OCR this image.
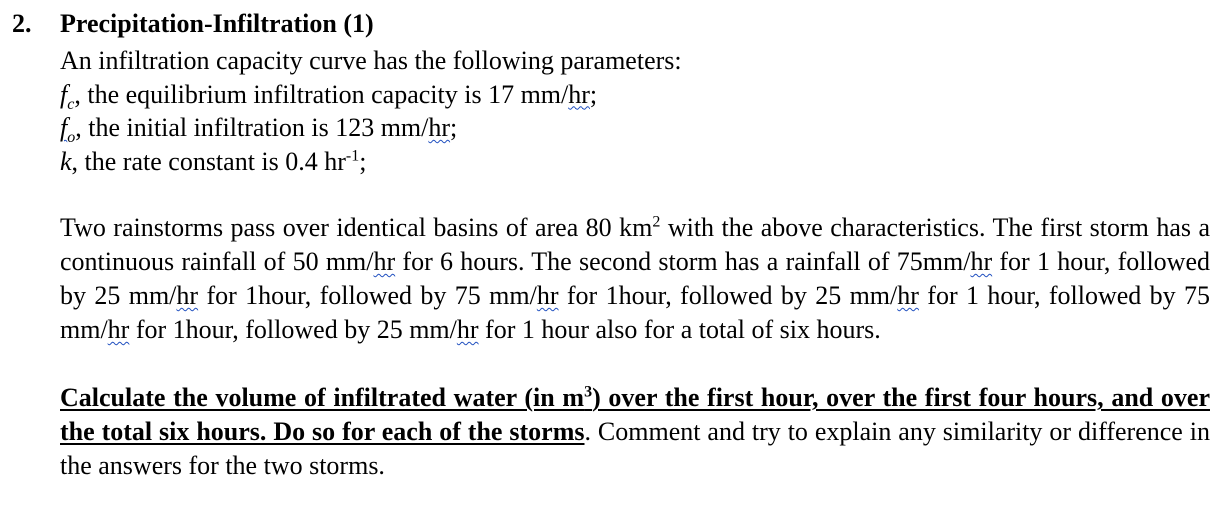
2. Precipitation-Infiltration (1)
An infiltration capacity curve has the following parameters:
$f_c$, the equilibrium infiltration capacity is 17 mm/hr;
$f_o$, the initial infiltration is 123 mm/hr;
k, the rate constant is 0.4 $hr^{-1}$;

Two rainstorms pass over identical basins of area 80 $km^2$ with the above characteristics. The first storm has a continuous rainfall of 50 mm/hr for 6 hours. The second storm has a rainfall of 75mm/hr for 1 hour, followed by 25 mm/hr for 1hour, followed by 75 mm/hr for 1hour, followed by 25 mm/hr for 1 hour, followed by 75 mm/hr for 1hour, followed by 25 mm/hr for 1 hour also for a total of six hours.

Calculate the volume of infiltrated water (in $m^3$) over the first hour, over the first four hours, and over the total six hours. Do so for each of the storms. Comment and try to explain any similarity or difference in the answers for the two storms.
